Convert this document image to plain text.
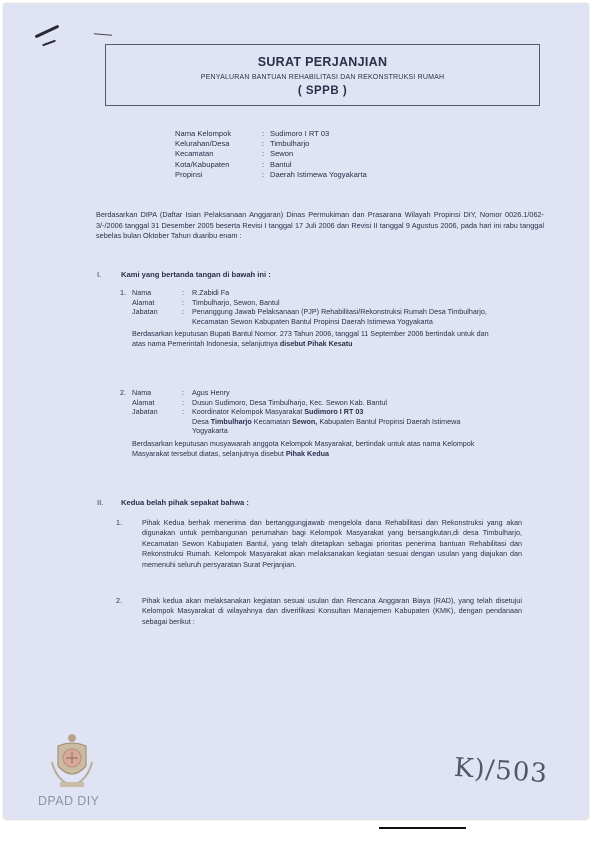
SURAT PERJANJIAN
PENYALURAN BANTUAN REHABILITASI DAN REKONSTRUKSI RUMAH
( SPPB )
Nama Kelompok	: Sudimoro I RT 03
Kelurahan/Desa	: Timbulharjo
Kecamatan	: Sewon
Kota/Kabupaten	: Bantul
Propinsi	: Daerah Istimewa Yogyakarta
Berdasarkan DIPA (Daftar Isian Pelaksanaan Anggaran) Dinas Permukiman dan Prasarana Wilayah Propinsi DIY, Nomor 0026.1/062-3/-/2006 tanggal 31 Desember 2005 beserta Revisi I tanggal 17 Juli 2006 dan Revisi II tanggal 9 Agustus 2006, pada hari ini rabu tanggal sebelas bulan Oktober Tahun duaribu enam :
I.	Kami yang bertanda tangan di bawah ini :
1. Nama	:	R.Zabidi Fa
Alamat	:	Timbulharjo, Sewon, Bantul
Jabatan	:	Penanggung Jawab Pelaksanaan (PJP) Rehabilitasi/Rekonstruksi Rumah Desa Timbulharjo, Kecamatan Sewon Kabupaten Bantul Propinsi Daerah Istimewa Yogyakarta
Berdasarkan keputusan Bupati Bantul Nomor. 273 Tahun 2006, tanggal 11 September 2006 bertindak untuk dan atas nama Pemerintah Indonesia, selanjutnya disebut Pihak Kesatu
2. Nama	:	Agus Henry
Alamat	:	Dusun Sudimoro, Desa Timbulharjo, Kec. Sewon Kab. Bantul
Jabatan	:	Koordinator Kelompok Masyarakat Sudimoro I RT 03
Desa Timbulharjo Kecamatan Sewon, Kabupaten Bantul Propinsi Daerah Istimewa Yogyakarta
Berdasarkan keputusan musyawarah anggota Kelompok Masyarakat, bertindak untuk atas nama Kelompok Masyarakat tersebut diatas, selanjutnya disebut Pihak Kedua
II. Kedua belah pihak sepakat bahwa :
1.	Pihak Kedua berhak menerima dan bertanggungjawab mengelola dana Rehabilitasi dan Rekonstruksi yang akan digunakan untuk pembangunan perumahan bagi Kelompok Masyarakat yang bersangkutan,di desa Timbulharjo, Kecamatan Sewon Kabupaten Bantul, yang telah ditetapkan sebagai prioritas penerima bantuan Rehabilitasi dan Rekonstruksi Rumah. Kelompok Masyarakat akan melaksanakan kegiatan sesuai dengan usulan yang diajukan dan memenuhi seluruh persyaratan Surat Perjanjian.
2.	Pihak kedua akan melaksanakan kegiatan sesuai usulan dan Rencana Anggaran Biaya (RAD), yang telah disetujui Kelompok Masyarakat di wilayahnya dan diverifikasi Konsultan Manajemen Kabupaten (KMK), dengan pendanaan sebagai berikut :
DPAD DIY
K)/503
